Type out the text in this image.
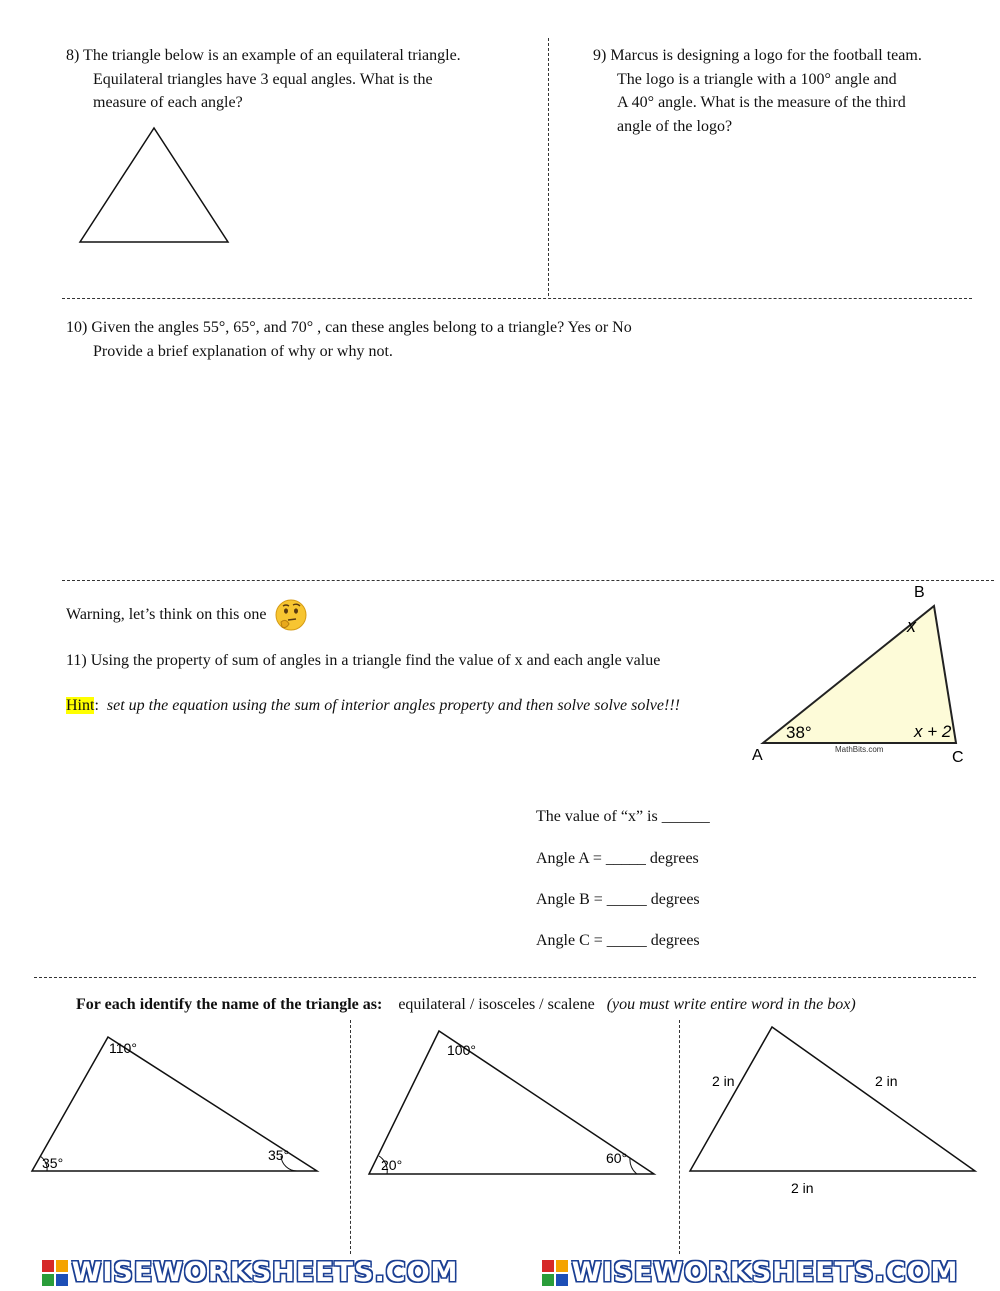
8) The triangle below is an example of an equilateral triangle.
Equilateral triangles have 3 equal angles. What is the
measure of each angle?
9) Marcus is designing a logo for the football team.
The logo is a triangle with a 100° angle and
A 40° angle. What is the measure of the third
angle of the logo?
10) Given the angles 55°, 65°, and 70° , can these angles belong to a triangle? Yes or No
Provide a brief explanation of why or why not.
Warning, let’s think on this one
11) Using the property of sum of angles in a triangle find the value of x and each angle value
Hint: set up the equation using the sum of interior angles property and then solve solve solve!!!
B
A	C
x
38°	x + 2
MathBits.com
The value of “x” is ______
Angle A = _____ degrees
Angle B = _____ degrees
Angle C = _____ degrees
For each identify the name of the triangle as: equilateral / isosceles / scalene (you must write entire word in the box)
110°
35°	35°
100°
20°	60°
2 in	2 in
2 in
WISEWORKSHEETS.COM	WISEWORKSHEETS.COM
